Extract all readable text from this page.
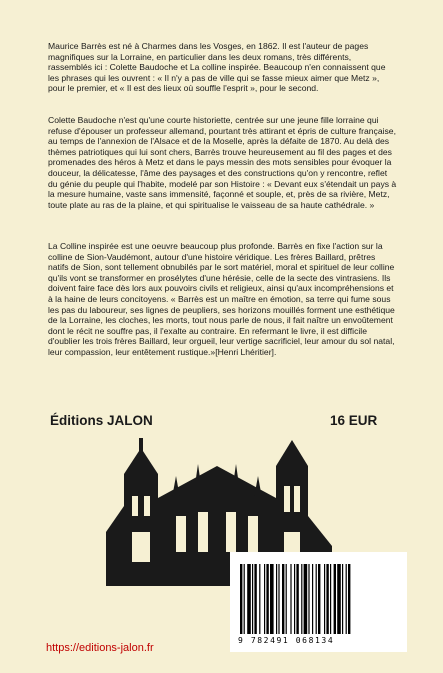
Maurice Barrès est né à Charmes dans les Vosges, en 1862. Il est l'auteur de pages magnifiques sur la Lorraine, en particulier dans les deux romans, très différents, rassemblés ici : Colette Baudoche et La colline inspirée. Beaucoup n'en connaissent que les phrases qui les ouvrent : « Il n'y a pas de ville qui se fasse mieux aimer que Metz », pour le premier, et « Il est des lieux où souffle l'esprit », pour le second.
Colette Baudoche n'est qu'une courte historiette, centrée sur une jeune fille lorraine qui refuse d'épouser un professeur allemand, pourtant très attirant et épris de culture française, au temps de l'annexion de l'Alsace et de la Moselle, après la défaite de 1870. Au delà des thèmes patriotiques qui lui sont chers, Barrès trouve heureusement au fil des pages et des promenades des héros à Metz et dans le pays messin des mots sensibles pour évoquer la douceur, la délicatesse, l'âme des paysages et des constructions qu'on y rencontre, reflet du génie du peuple qui l'habite, modelé par son Histoire : « Devant eux s'étendait un pays à la mesure humaine, vaste sans immensité, façonné et souple, et, près de sa rivière, Metz, toute plate au ras de la plaine, et qui spiritualise le vaisseau de sa haute cathédrale. »
La Colline inspirée est une oeuvre beaucoup plus profonde. Barrès en fixe l'action sur la colline de Sion-Vaudémont, autour d'une histoire véridique. Les frères Baillard, prêtres natifs de Sion, sont tellement obnubilés par le sort matériel, moral et spirituel de leur colline qu'ils vont se transformer en prosélytes d'une hérésie, celle de la secte des vintrasiens. Ils doivent faire face dès lors aux pouvoirs civils et religieux, ainsi qu'aux incompréhensions et à la haine de leurs concitoyens. « Barrès est un maître en émotion, sa terre qui fume sous les pas du laboureur, ses lignes de peupliers, ses horizons mouillés forment une esthétique de la Lorraine, les cloches, les morts, tout nous parle de nous, il fait naître un envoûtement dont le récit ne souffre pas, il l'exalte au contraire. En refermant le livre, il est difficile d'oublier les trois frères Baillard, leur orgueil, leur vertige sacrificiel, leur amour du sol natal, leur compassion, leur entêtement rustique.»[Henri Lhéritier].
Éditions JALON	16 EUR
https://editions-jalon.fr
9 782491 068134
